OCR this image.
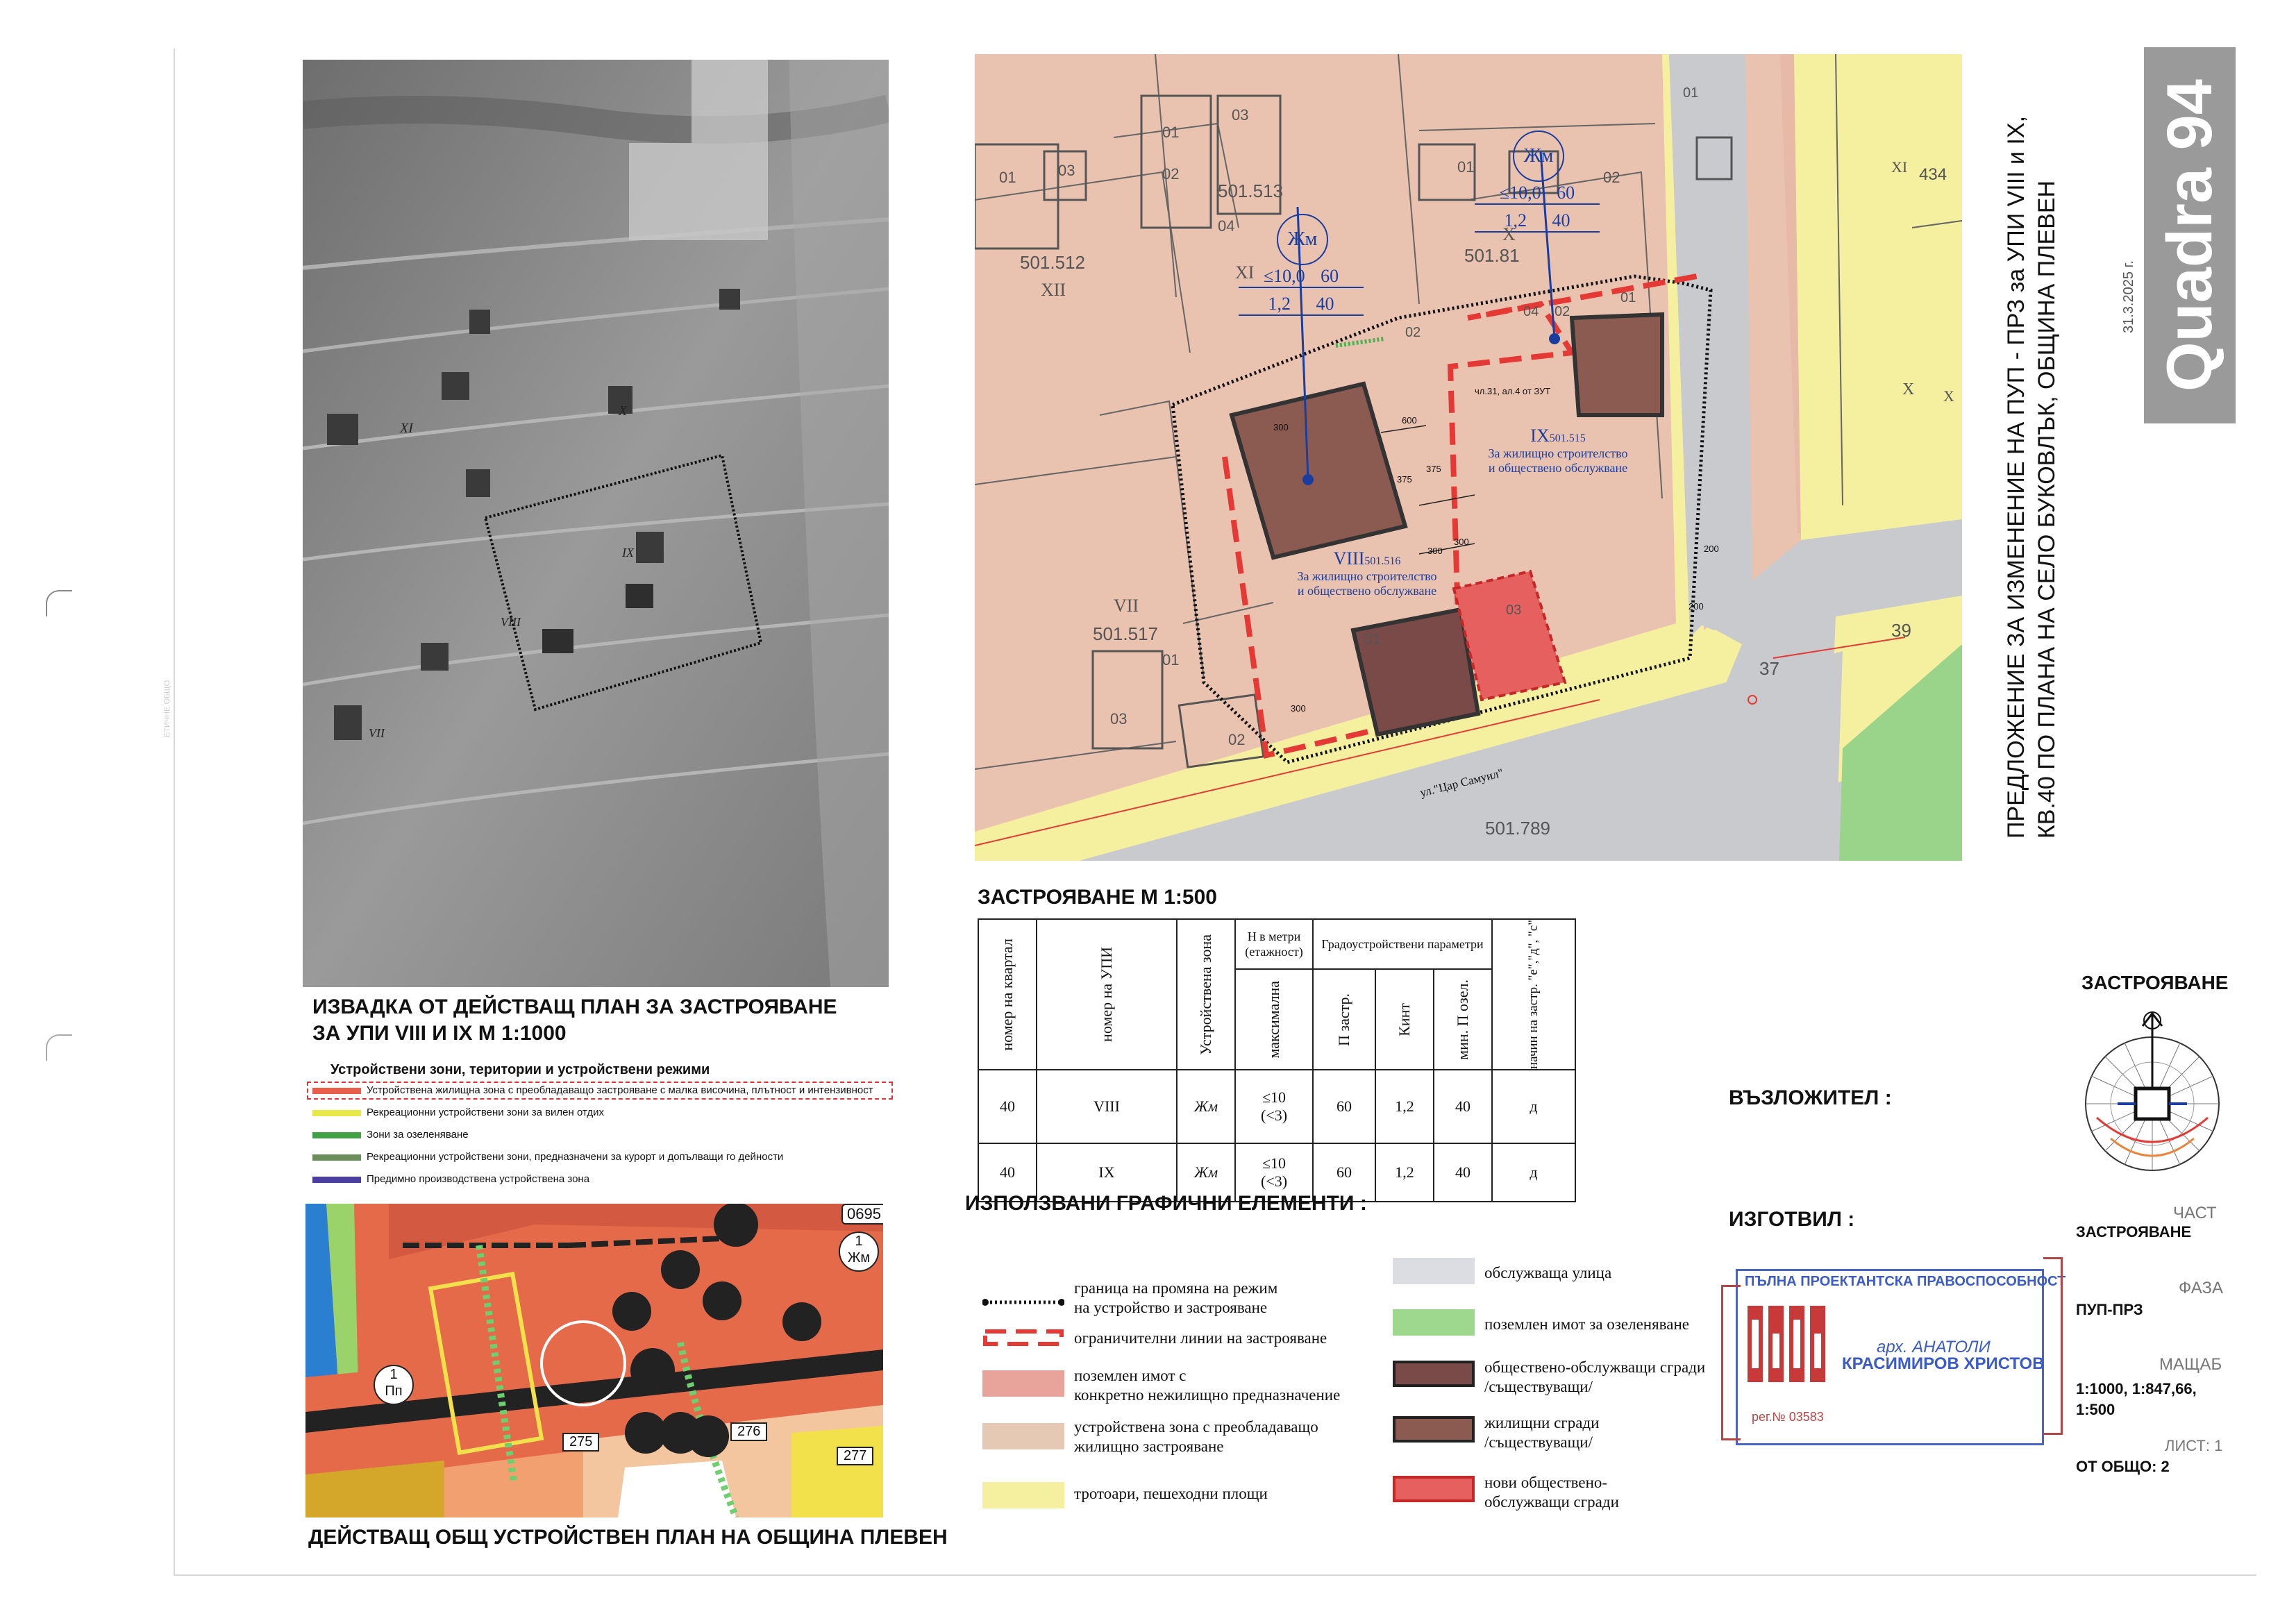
XI
X
VIII
IX
VII
ЕТИЧНЕ ОБЩО
ИЗВАДКА ОТ ДЕЙСТВАЩ ПЛАН ЗА ЗАСТРОЯВАНЕ
ЗА УПИ VIII И IX М 1:1000
Устройствени зони, територии и устройствени режими
Устройствена жилищна зона с преобладаващо застрояване с малка височина, плътност и интензивност
Рекреационни устройствени зони за вилен отдих
Зони за озеленяване
Рекреационни устройствени зони, предназначени за курорт и допълващи го дейности
Предимно производствена устройствена зона
0695
1
Жм
1
Пп
275
276
277
ДЕЙСТВАЩ ОБЩ УСТРОЙСТВЕН ПЛАН НА ОБЩИНА ПЛЕВЕН
Жм
≤10,0 60
1,2 40
Жм
≤10,0 60
1,2 40
501.512
501.513
501.81
501.517
501.789
XII
XI
X
VII
XI
X
01	03
01
02
03
04
01
02
03
01
02
01
02
04
03
02
01
01
VIII501.516
За жилищно строителство
и обществено обслужване
IX501.515
За жилищно строителство
и обществено обслужване
600
375
375
300
300
300
200
300
200
чл.31, ал.4 от ЗУТ
ул."Цар Самуил"
37
39
434
X
ЗАСТРОЯВАНЕ М 1:500
номер на квартал	номер на УПИ	Устройствена зона	Н в метри (етажност)	Градоустройствени параметри			начин на застр. "е","д", "с"

			максимална	П застр.	Кинт	мин. П озел.	

40	VIII	Жм	≤10
(<3)	60	1,2	40	д
40	IX	Жм	≤10
(<3)	60	1,2	40	д
ИЗПОЛЗВАНИ ГРАФИЧНИ ЕЛЕМЕНТИ :
граница на промяна на режим
на устройство и застрояване
ограничителни линии на застрояване
поземлен имот с
конкретно нежилищно предназначение
устройствена зона с преобладаващо
жилищно застрояване
тротоари, пешеходни площи
обслужваща улица
поземлен имот за озеленяване
обществено-обслужващи сгради
/съществуващи/
жилищни сгради
/съществуващи/
нови обществено-
обслужващи сгради
ПРЕДЛОЖЕНИЕ ЗА ИЗМЕНЕНИЕ НА ПУП - ПРЗ за УПИ VIII и IX, КВ.40 ПО ПЛАНА НА СЕЛО БУКОВЛЪК, ОБЩИНА ПЛЕВЕН Quadra 94
31.3.2025 г.
ЗАСТРОЯВАНЕ
ВЪЗЛОЖИТЕЛ :
ИЗГОТВИЛ :
ПЪЛНА ПРОЕКТАНТСКА ПРАВОСПОСОБНОСТ
арх. АНАТОЛИ
КРАСИМИРОВ ХРИСТОВ
рег.№ 03583
ЧАСТ
ЗАСТРОЯВАНЕ
ФАЗА
ПУП-ПРЗ
МАЩАБ
1:1000, 1:847,66,
1:500
ЛИСТ: 1
ОТ ОБЩО: 2
